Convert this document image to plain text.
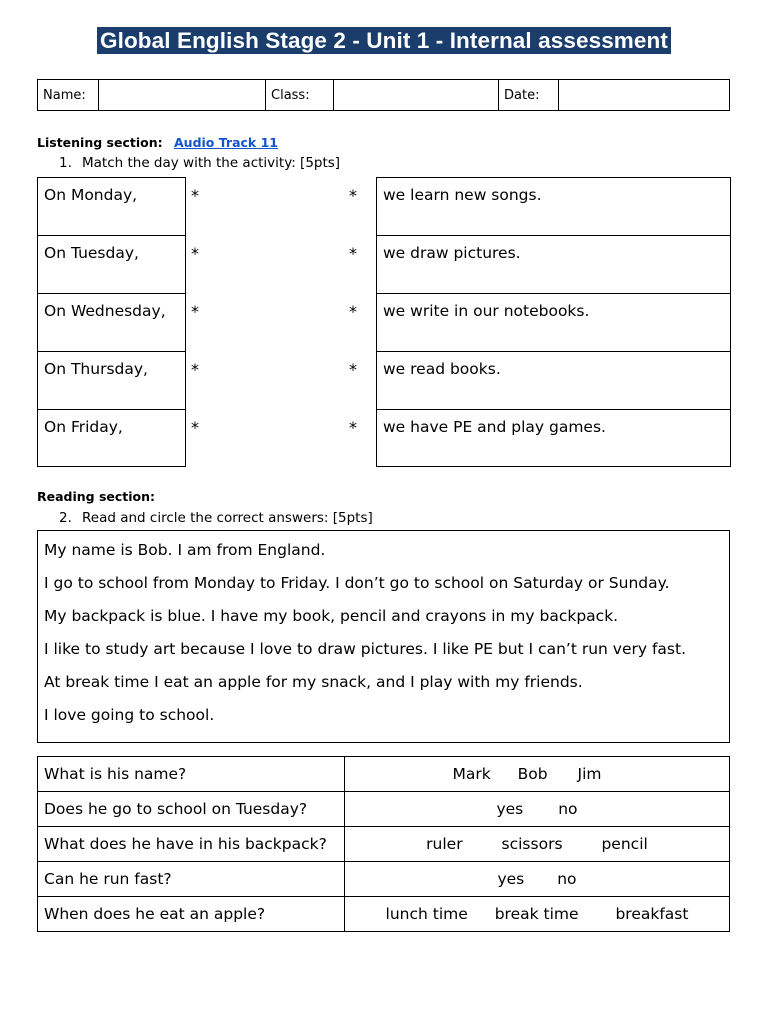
Global English Stage 2 - Unit 1 - Internal assessment
Name:		Class:		Date:	
Listening section: Audio Track 11
1. Match the day with the activity: [5pts]
On Monday,	*	*	we learn new songs.
On Tuesday,	*	*	we draw pictures.
On Wednesday,	*	*	we write in our notebooks.
On Thursday,	*	*	we read books.
On Friday,	*	*	we have PE and play games.
Reading section:
2. Read and circle the correct answers: [5pts]

My name is Bob. I am from England.

I go to school from Monday to Friday. I don’t go to school on Saturday or Sunday.

My backpack is blue. I have my book, pencil and crayons in my backpack.

I like to study art because I love to draw pictures. I like PE but I can’t run very fast.

At break time I eat an apple for my snack, and I play with my friends.

I love going to school.

What is his name?	Mark Bob Jim
Does he go to school on Tuesday?	yes no
What does he have in his backpack?	ruler scissors pencil
Can he run fast?	yes no
When does he eat an apple?	lunch time break time breakfast
